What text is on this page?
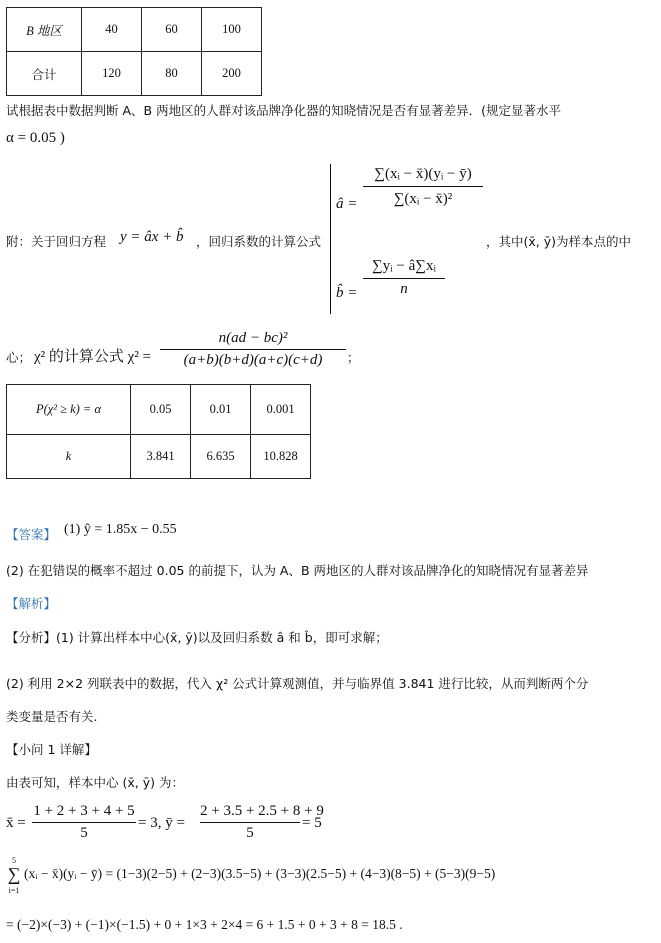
B 地区	40	60	100
合计	120	80	200
试根据表中数据判断 A、B 两地区的人群对该品牌净化器的知晓情况是否有显著差异．(规定显著水平
α = 0.05 )
附：关于回归方程 y = âx + b̂ ，回归系数的计算公式
â = $\frac{\text{∑(xᵢ − x̄)(yᵢ − ȳ)}}{\text{∑(xᵢ − x̄)²}}$
b̂ = $\frac{\text{∑yᵢ − â∑xᵢ}}{n}$
，其中(x̄, ȳ)为样本点的中
心； χ² 的计算公式 $\chi^2 = \frac{\text{n(ad − bc)²}}{(a+b)(b+d)(a+c)(c+d)}$ ；
P(χ² ≥ k) = α	0.05	0.01	0.001
k	3.841	6.635	10.828
【答案】 (1) ŷ = 1.85x − 0.55
(2) 在犯错误的概率不超过 0.05 的前提下，认为 A、B 两地区的人群对该品牌净化的知晓情况有显著差异
【解析】
【分析】(1) 计算出样本中心(x̄, ȳ)以及回归系数 â 和 b̂，即可求解；
(2) 利用 2×2 列联表中的数据，代入 χ² 公式计算观测值，并与临界值 3.841 进行比较，从而判断两个分
类变量是否有关.
【小问 1 详解】
由表可知，样本中心 (x̄, ȳ) 为：
x̄ = $\frac{1 + 2 + 3 + 4 + 5}{5} = 3$, ȳ = $\frac{2 + 3.5 + 2.5 + 8 + 9}{5} = 5$
5
∑
i=1
(xᵢ − x̄)(yᵢ − ȳ) = (1−3)(2−5) + (2−3)(3.5−5) + (3−3)(2.5−5) + (4−3)(8−5) + (5−3)(9−5)
= (−2)×(−3) + (−1)×(−1.5) + 0 + 1×3 + 2×4 = 6 + 1.5 + 0 + 3 + 8 = 18.5 .
